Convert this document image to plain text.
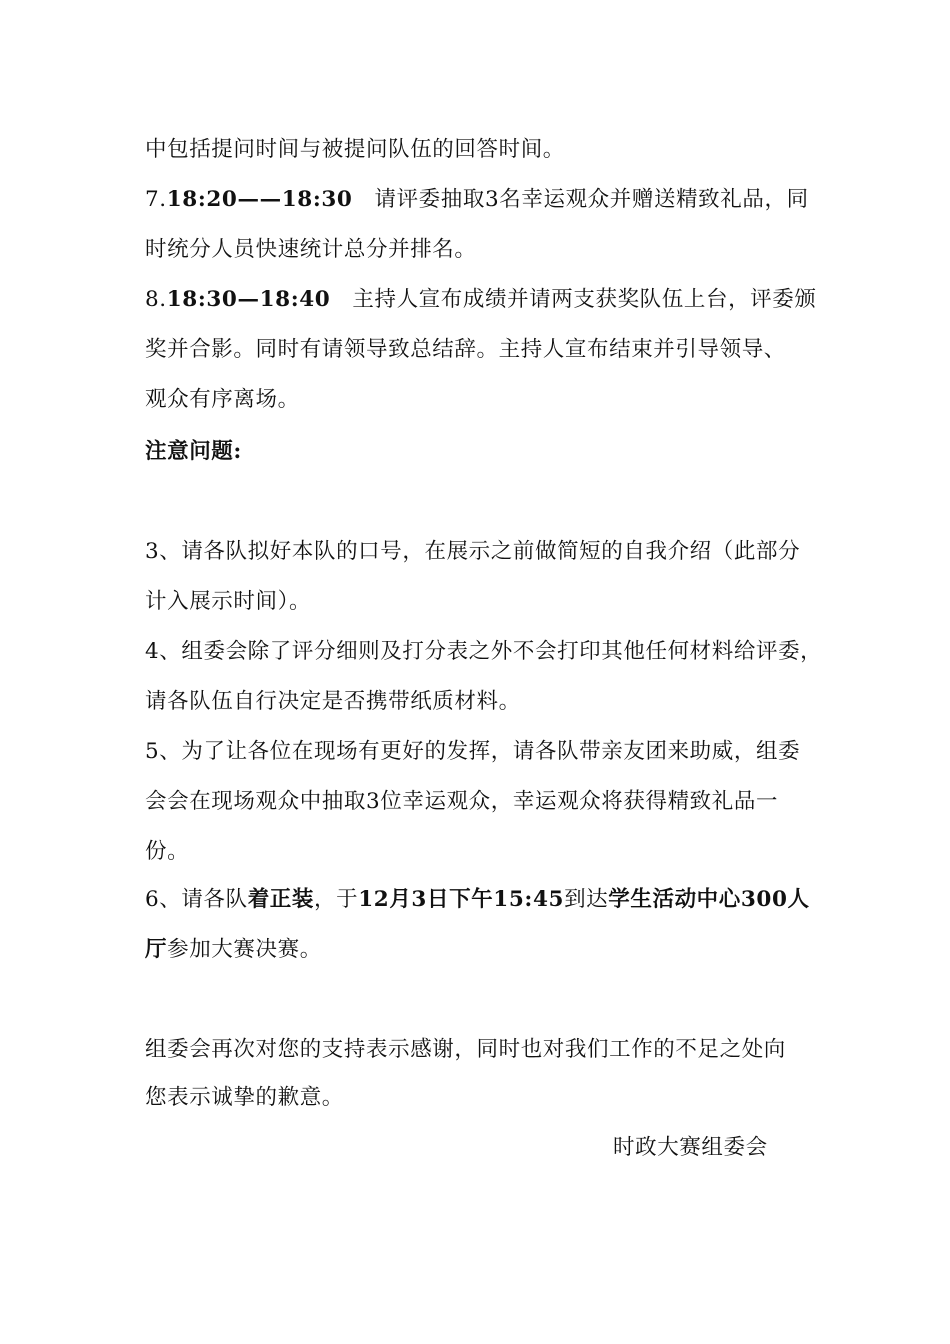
中包括提问时间与被提问队伍的回答时间。
7.18:20——18:30 请评委抽取3名幸运观众并赠送精致礼品，同
时统分人员快速统计总分并排名。
8.18:30—18:40 主持人宣布成绩并请两支获奖队伍上台，评委颁
奖并合影。同时有请领导致总结辞。主持人宣布结束并引导领导、
观众有序离场。
注意问题:
3、请各队拟好本队的口号，在展示之前做简短的自我介绍（此部分
计入展示时间）。
4、组委会除了评分细则及打分表之外不会打印其他任何材料给评委，
请各队伍自行决定是否携带纸质材料。
5、为了让各位在现场有更好的发挥，请各队带亲友团来助威，组委
会会在现场观众中抽取3位幸运观众，幸运观众将获得精致礼品一
份。
6、请各队着正装，于12月3日下午15:45到达学生活动中心300人
厅参加大赛决赛。
组委会再次对您的支持表示感谢，同时也对我们工作的不足之处向
您表示诚挚的歉意。
时政大赛组委会
